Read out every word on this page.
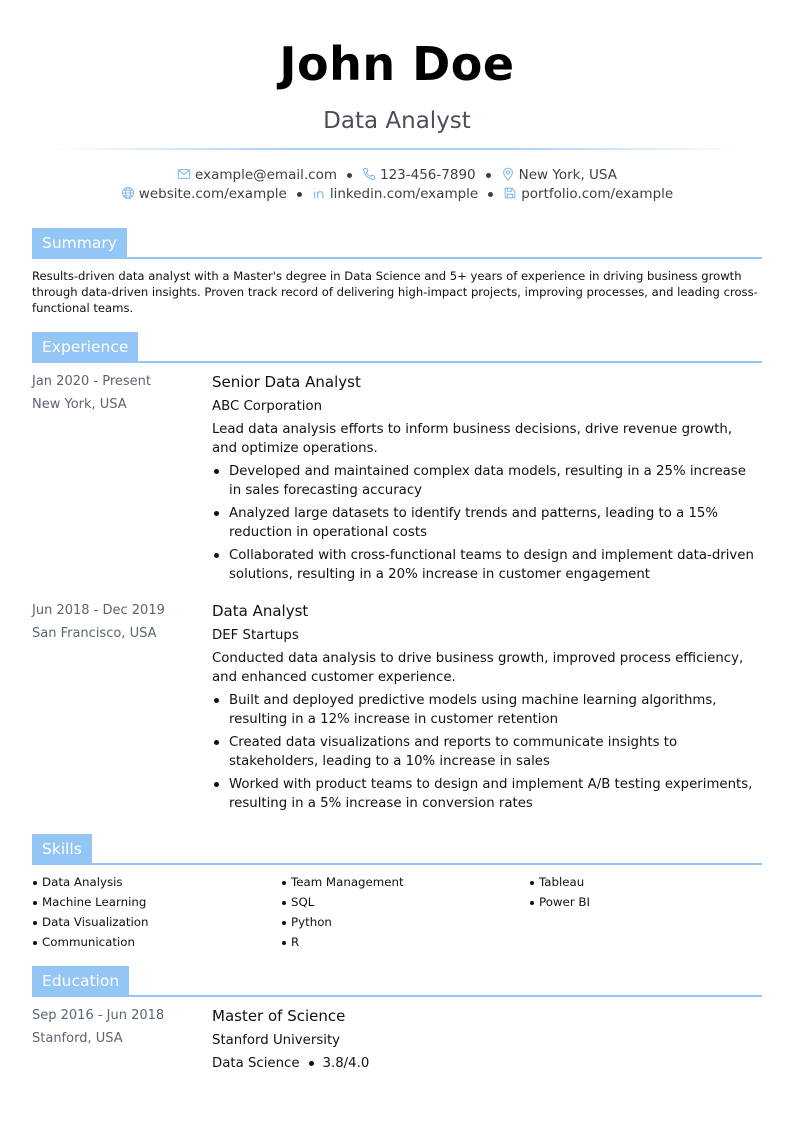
John Doe
Data Analyst
example@email.com	123-456-7890	New York, USA
website.com/example	linkedin.com/example	portfolio.com/example
Summary
Results-driven data analyst with a Master's degree in Data Science and 5+ years of experience in driving business growth through data-driven insights. Proven track record of delivering high-impact projects, improving processes, and leading cross-functional teams.
Experience
Jan 2020 - Present
New York, USA
Senior Data Analyst
ABC Corporation
Lead data analysis efforts to inform business decisions, drive revenue growth, and optimize operations.
Developed and maintained complex data models, resulting in a 25% increase in sales forecasting accuracy
Analyzed large datasets to identify trends and patterns, leading to a 15% reduction in operational costs
Collaborated with cross-functional teams to design and implement data-driven solutions, resulting in a 20% increase in customer engagement
Jun 2018 - Dec 2019
San Francisco, USA
Data Analyst
DEF Startups
Conducted data analysis to drive business growth, improved process efficiency, and enhanced customer experience.
Built and deployed predictive models using machine learning algorithms, resulting in a 12% increase in customer retention
Created data visualizations and reports to communicate insights to stakeholders, leading to a 10% increase in sales
Worked with product teams to design and implement A/B testing experiments, resulting in a 5% increase in conversion rates
Skills
Data Analysis
Machine Learning
Data Visualization
Communication
Team Management
SQL
Python
R
Tableau
Power BI
Education
Sep 2016 - Jun 2018
Stanford, USA
Master of Science
Stanford University
Data Science 3.8/4.0
